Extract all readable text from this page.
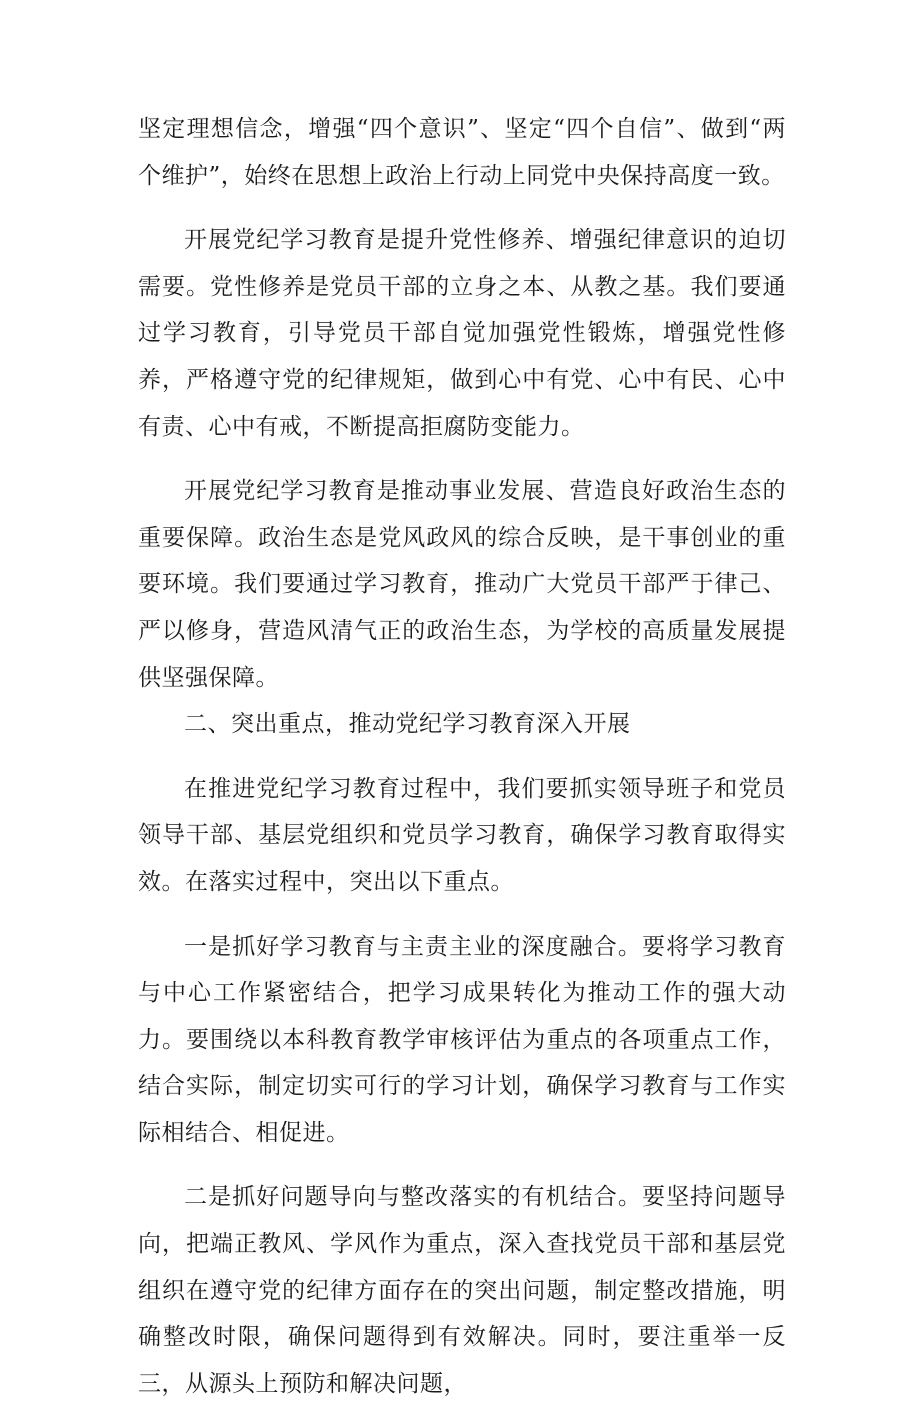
坚定理想信念，增强“四个意识”、坚定“四个自信”、做到“两个维护”，始终在思想上政治上行动上同党中央保持高度一致。

开展党纪学习教育是提升党性修养、增强纪律意识的迫切需要。党性修养是党员干部的立身之本、从教之基。我们要通过学习教育，引导党员干部自觉加强党性锻炼，增强党性修养，严格遵守党的纪律规矩，做到心中有党、心中有民、心中有责、心中有戒，不断提高拒腐防变能力。

开展党纪学习教育是推动事业发展、营造良好政治生态的重要保障。政治生态是党风政风的综合反映，是干事创业的重要环境。我们要通过学习教育，推动广大党员干部严于律己、严以修身，营造风清气正的政治生态，为学校的高质量发展提供坚强保障。

二、突出重点，推动党纪学习教育深入开展

在推进党纪学习教育过程中，我们要抓实领导班子和党员领导干部、基层党组织和党员学习教育，确保学习教育取得实效。在落实过程中，突出以下重点。

一是抓好学习教育与主责主业的深度融合。要将学习教育与中心工作紧密结合，把学习成果转化为推动工作的强大动力。要围绕以本科教育教学审核评估为重点的各项重点工作，结合实际，制定切实可行的学习计划，确保学习教育与工作实际相结合、相促进。

二是抓好问题导向与整改落实的有机结合。要坚持问题导向，把端正教风、学风作为重点，深入查找党员干部和基层党组织在遵守党的纪律方面存在的突出问题，制定整改措施，明确整改时限，确保问题得到有效解决。同时，要注重举一反三，从源头上预防和解决问题，
